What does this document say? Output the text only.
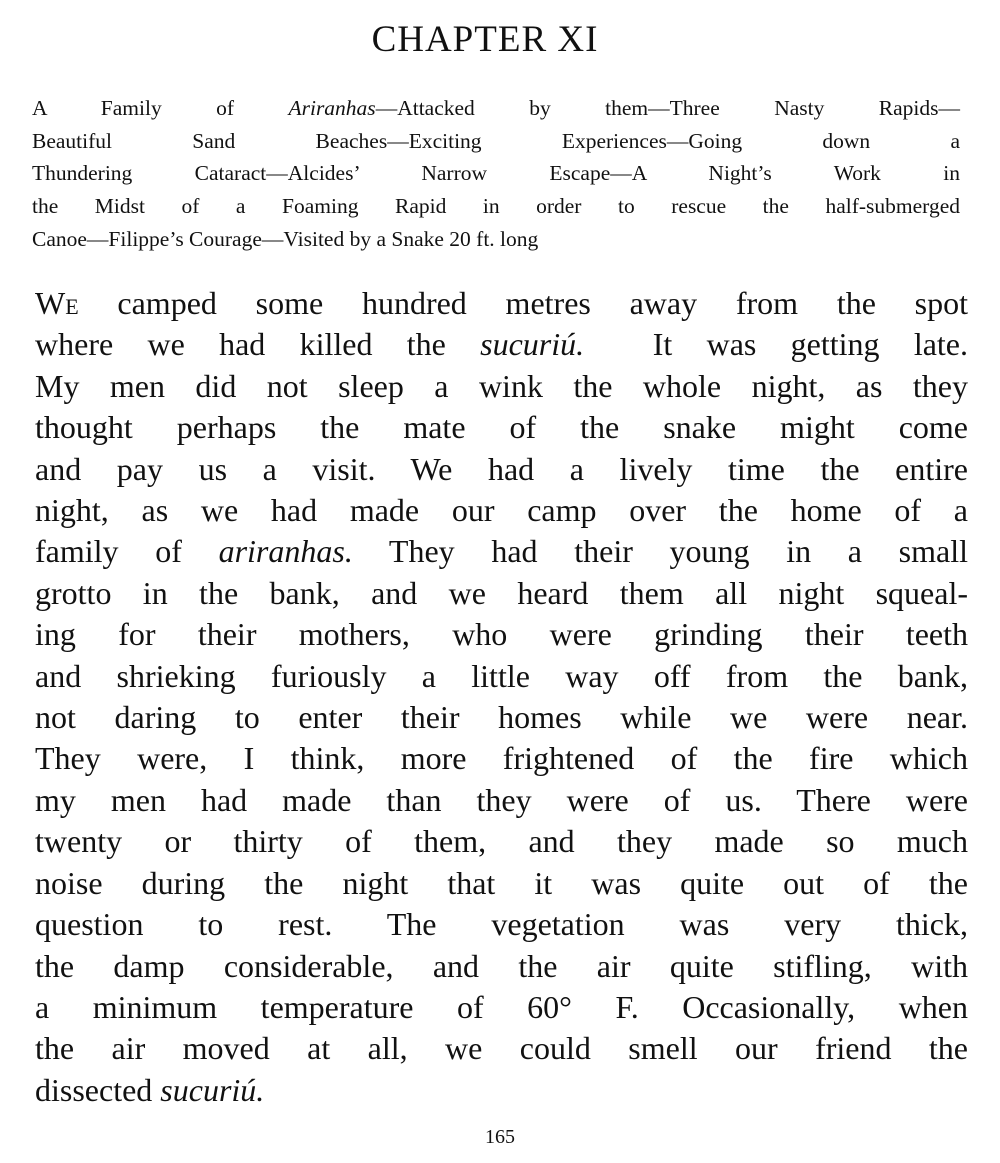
CHAPTER XI
A Family of Ariranhas—Attacked by them—Three Nasty Rapids—
Beautiful Sand Beaches—Exciting Experiences—Going down a
Thundering Cataract—Alcides’ Narrow Escape—A Night’s Work in
the Midst of a Foaming Rapid in order to rescue the half-submerged
Canoe—Filippe’s Courage—Visited by a Snake 20 ft. long

We camped some hundred metres away from the spot
where we had killed the sucuriú.  It was getting late.
My men did not sleep a wink the whole night, as they
thought perhaps the mate of the snake might come
and pay us a visit. We had a lively time the entire
night, as we had made our camp over the home of a
family of ariranhas. They had their young in a small
grotto in the bank, and we heard them all night squeal-
ing for their mothers, who were grinding their teeth
and shrieking furiously a little way off from the bank,
not daring to enter their homes while we were near.
They were, I think, more frightened of the fire which
my men had made than they were of us. There were
twenty or thirty of them, and they made so much
noise during the night that it was quite out of the
question to rest. The vegetation was very thick,
the damp considerable, and the air quite stifling, with
a minimum temperature of 60° F. Occasionally, when
the air moved at all, we could smell our friend the
dissected sucuriú.

165
